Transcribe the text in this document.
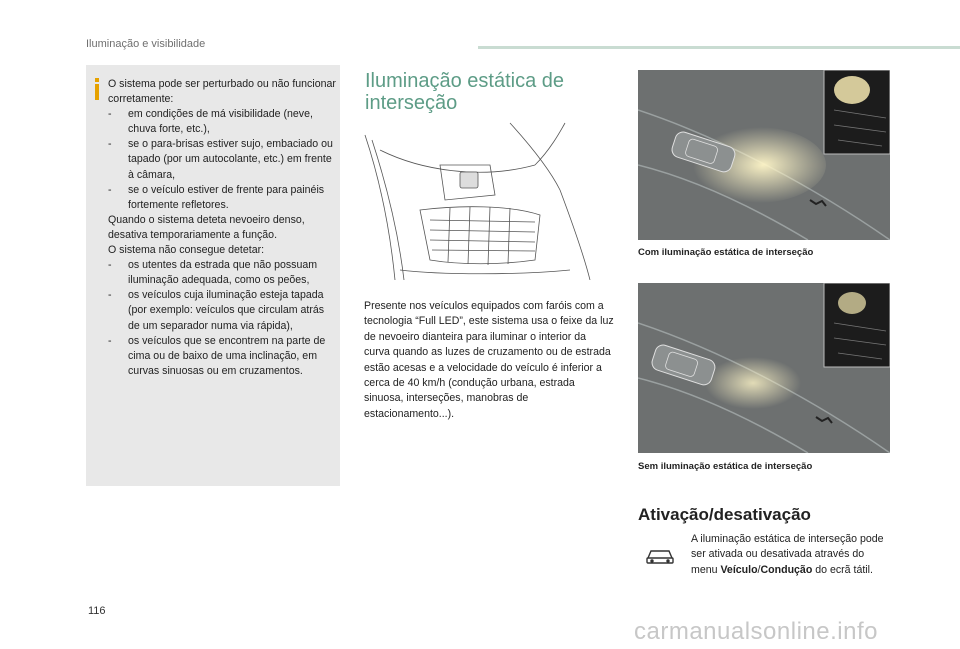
Iluminação e visibilidade

O sistema pode ser perturbado ou não funcionar corretamente:

- em condições de má visibilidade (neve, chuva forte, etc.),

- se o para-brisas estiver sujo, embaciado ou tapado (por um autocolante, etc.) em frente à câmara,

- se o veículo estiver de frente para painéis fortemente refletores.

Quando o sistema deteta nevoeiro denso, desativa temporariamente a função.

O sistema não consegue detetar:

- os utentes da estrada que não possuam iluminação adequada, como os peões,

- os veículos cuja iluminação esteja tapada (por exemplo: veículos que circulam atrás de um separador numa via rápida),

- os veículos que se encontrem na parte de cima ou de baixo de uma inclinação, em curvas sinuosas ou em cruzamentos.

Iluminação estática de interseção
Presente nos veículos equipados com faróis com a tecnologia “Full LED”, este sistema usa o feixe da luz de nevoeiro dianteira para iluminar o interior da curva quando as luzes de cruzamento ou de estrada estão acesas e a velocidade do veículo é inferior a cerca de 40 km/h (condução urbana, estrada sinuosa, interseções, manobras de estacionamento...).
Com iluminação estática de interseção
Sem iluminação estática de interseção
Ativação/desativação
A iluminação estática de interseção pode ser ativada ou desativada através do menu Veículo/Condução do ecrã tátil.
116
carmanualsonline.info
